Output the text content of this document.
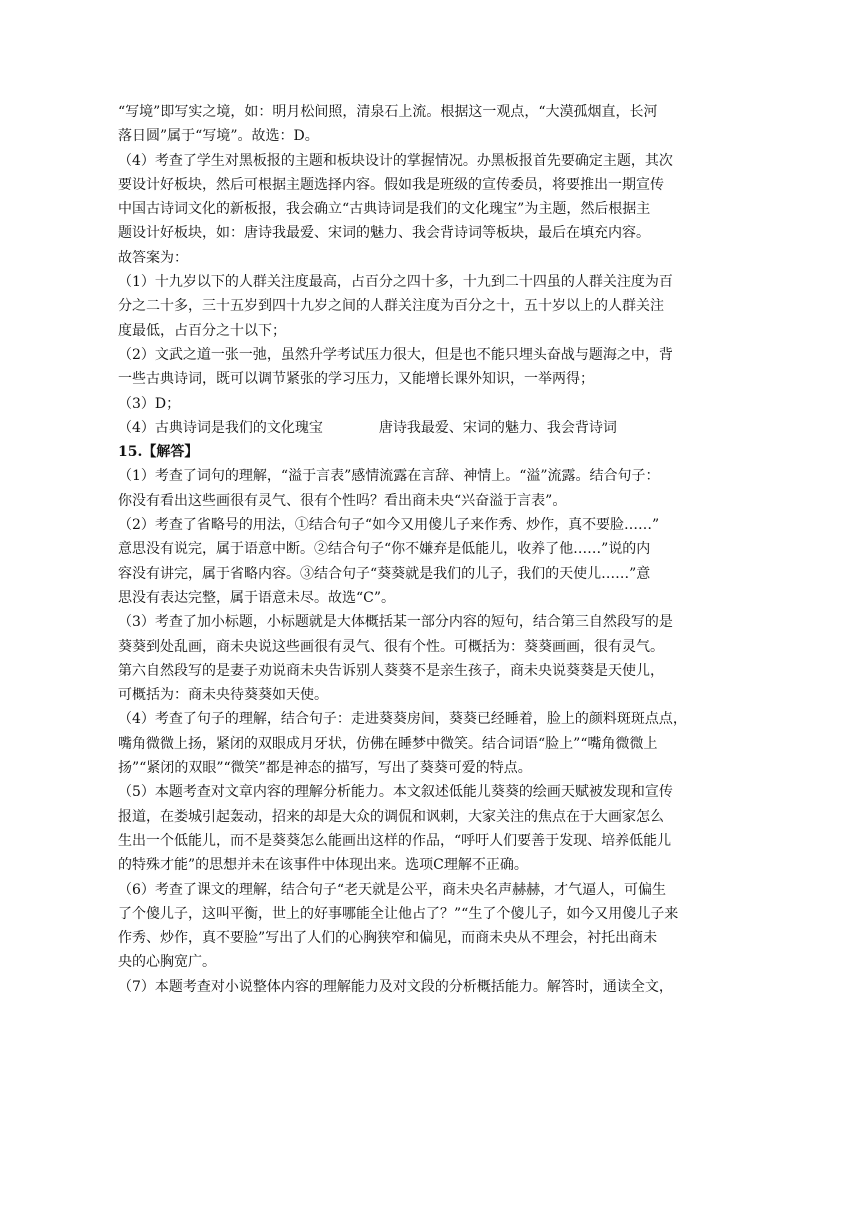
“写境”即写实之境，如：明月松间照，清泉石上流。根据这一观点，“大漠孤烟直，长河
落日圆”属于“写境”。故选：D。
（4）考查了学生对黑板报的主题和板块设计的掌握情况。办黑板报首先要确定主题，其次
要设计好板块，然后可根据主题选择内容。假如我是班级的宣传委员，将要推出一期宣传
中国古诗词文化的新板报，我会确立“古典诗词是我们的文化瑰宝”为主题，然后根据主
题设计好板块，如：唐诗我最爱、宋词的魅力、我会背诗词等板块，最后在填充内容。
故答案为：
（1）十九岁以下的人群关注度最高，占百分之四十多，十九到二十四虽的人群关注度为百
分之二十多，三十五岁到四十九岁之间的人群关注度为百分之十，五十岁以上的人群关注
度最低，占百分之十以下；
（2）文武之道一张一弛，虽然升学考试压力很大，但是也不能只埋头奋战与题海之中，背
一些古典诗词，既可以调节紧张的学习压力，又能增长课外知识，一举两得；
（3）D；
（4）古典诗词是我们的文化瑰宝	唐诗我最爱、宋词的魅力、我会背诗词
15.【解答】
（1）考查了词句的理解，“溢于言表”感情流露在言辞、神情上。“溢”流露。结合句子：
你没有看出这些画很有灵气、很有个性吗？看出商未央“兴奋溢于言表”。
（2）考查了省略号的用法，①结合句子“如今又用傻儿子来作秀、炒作，真不要脸……”
意思没有说完，属于语意中断。②结合句子“你不嫌弃是低能儿，收养了他……”说的内
容没有讲完，属于省略内容。③结合句子“葵葵就是我们的儿子，我们的天使儿……”意
思没有表达完整，属于语意未尽。故选“C”。
（3）考查了加小标题，小标题就是大体概括某一部分内容的短句，结合第三自然段写的是
葵葵到处乱画，商未央说这些画很有灵气、很有个性。可概括为：葵葵画画，很有灵气。
第六自然段写的是妻子劝说商未央告诉别人葵葵不是亲生孩子，商未央说葵葵是天使儿，
可概括为：商未央待葵葵如天使。
（4）考查了句子的理解，结合句子：走进葵葵房间，葵葵已经睡着，脸上的颜料斑斑点点，
嘴角微微上扬，紧闭的双眼成月牙状，仿佛在睡梦中微笑。结合词语“脸上”“嘴角微微上
扬”“紧闭的双眼”“微笑”都是神态的描写，写出了葵葵可爱的特点。
（5）本题考查对文章内容的理解分析能力。本文叙述低能儿葵葵的绘画天赋被发现和宣传
报道，在娄城引起轰动，招来的却是大众的调侃和讽刺，大家关注的焦点在于大画家怎么
生出一个低能儿，而不是葵葵怎么能画出这样的作品，“呼吁人们要善于发现、培养低能儿
的特殊才能”的思想并未在该事件中体现出来。选项C理解不正确。
（6）考查了课文的理解，结合句子“老天就是公平，商未央名声赫赫，才气逼人，可偏生
了个傻儿子，这叫平衡，世上的好事哪能全让他占了？”“生了个傻儿子，如今又用傻儿子来
作秀、炒作，真不要脸”写出了人们的心胸狭窄和偏见，而商未央从不理会，衬托出商未
央的心胸宽广。
（7）本题考查对小说整体内容的理解能力及对文段的分析概括能力。解答时，通读全文，
